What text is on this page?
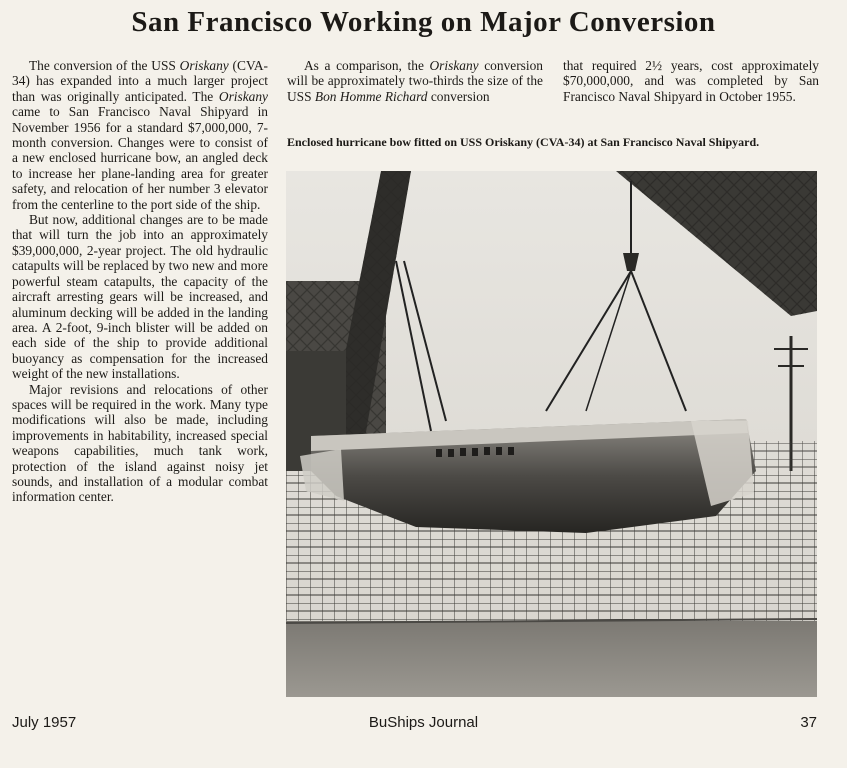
San Francisco Working on Major Conversion

The conversion of the USS Oriskany (CVA-34) has expanded into a much larger project than was originally anticipated. The Oriskany came to San Francisco Naval Shipyard in November 1956 for a standard $7,000,000, 7-month conversion. Changes were to consist of a new enclosed hurricane bow, an angled deck to increase her plane-landing area for greater safety, and relocation of her number 3 elevator from the centerline to the port side of the ship.

But now, additional changes are to be made that will turn the job into an approximately $39,000,000, 2-year project. The old hydraulic catapults will be replaced by two new and more powerful steam catapults, the capacity of the aircraft arresting gears will be increased, and aluminum decking will be added in the landing area. A 2-foot, 9-inch blister will be added on each side of the ship to provide additional buoyancy as compensation for the increased weight of the new installations.

Major revisions and relocations of other spaces will be required in the work. Many type modifications will also be made, including improvements in habitability, increased special weapons capabilities, much tank work, protection of the island against noisy jet sounds, and installation of a modular combat information center.

As a comparison, the Oriskany conversion will be approximately two-thirds the size of the USS Bon Homme Richard conversion

that required 2½ years, cost approximately $70,000,000, and was completed by San Francisco Naval Shipyard in October 1955.

Enclosed hurricane bow fitted on USS Oriskany (CVA-34) at San Francisco Naval Shipyard.

July 1957	BuShips Journal	37
